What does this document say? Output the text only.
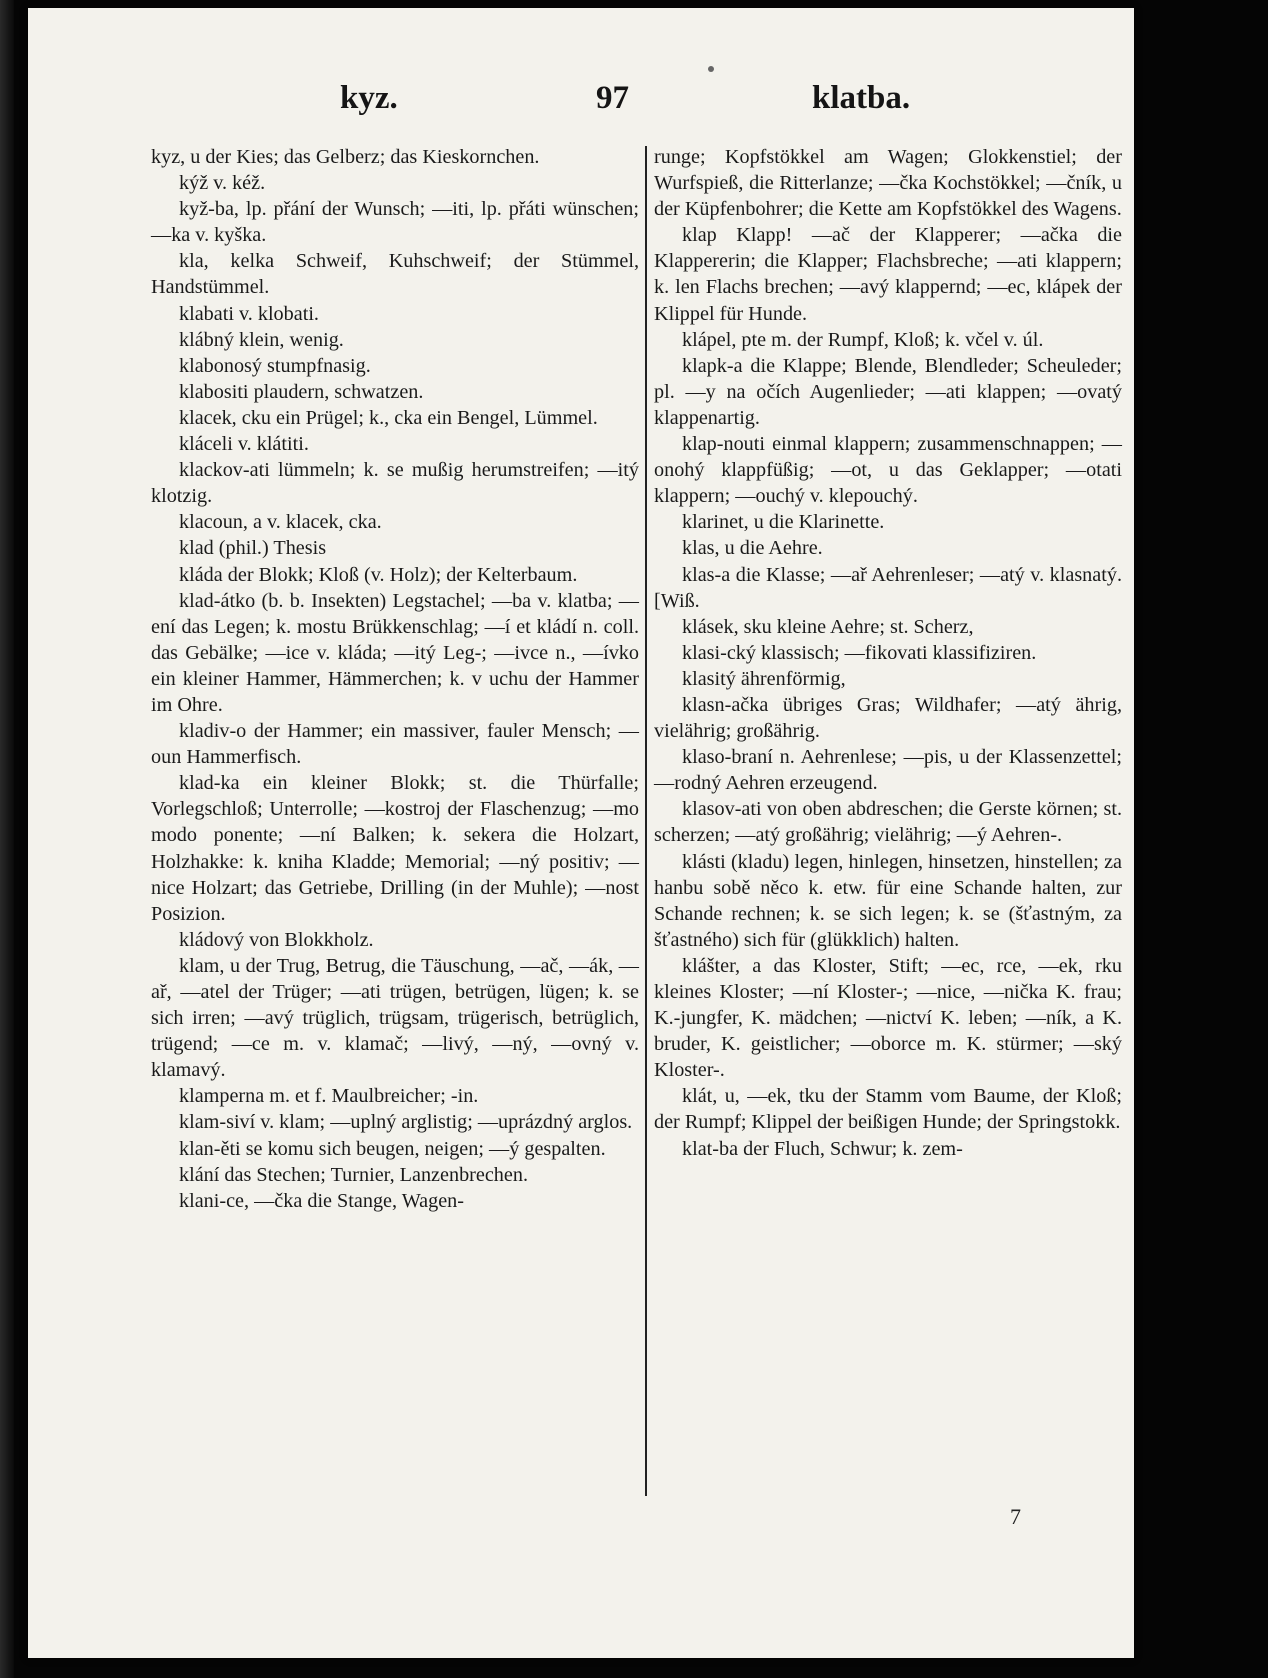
kyz.	97	klatba.

kyz, u der Kies; das Gelberz; das Kieskornchen.

kýž v. kéž.

kyž-ba, lp. přání der Wunsch; —iti, lp. přáti wünschen; —ka v. kyška.

kla, kelka Schweif, Kuhschweif; der Stümmel, Handstümmel.

klabati v. klobati.

klábný klein, wenig.

klabonosý stumpfnasig.

klabositi plaudern, schwatzen.

klacek, cku ein Prügel; k., cka ein Bengel, Lümmel.

kláceli v. klátiti.

klackov-ati lümmeln; k. se mußig herumstreifen; —itý klotzig.

klacoun, a v. klacek, cka.

klad (phil.) Thesis

kláda der Blokk; Kloß (v. Holz); der Kelterbaum.

klad-átko (b. b. Insekten) Legstachel; —ba v. klatba; —ení das Legen; k. mostu Brükkenschlag; —í et kládí n. coll. das Gebälke; —ice v. kláda; —itý Leg-; —ivce n., —ívko ein kleiner Hammer, Hämmerchen; k. v uchu der Hammer im Ohre.

kladiv-o der Hammer; ein massiver, fauler Mensch; —oun Hammerfisch.

klad-ka ein kleiner Blokk; st. die Thürfalle; Vorlegschloß; Unterrolle; —kostroj der Flaschenzug; —mo modo ponente; —ní Balken; k. sekera die Holzart, Holzhakke: k. kniha Kladde; Memorial; —ný positiv; —nice Holzart; das Getriebe, Drilling (in der Muhle); —nost Posizion.

kládový von Blokkholz.

klam, u der Trug, Betrug, die Täuschung, —ač, —ák, —ař, —atel der Trüger; —ati trügen, betrügen, lügen; k. se sich irren; —avý trüglich, trügsam, trügerisch, betrüglich, trügend; —ce m. v. klamač; —livý, —ný, —ovný v. klamavý.

klamperna m. et f. Maulbreicher; -in.

klam-siví v. klam; —uplný arglistig; —uprázdný arglos.

klan-ěti se komu sich beugen, neigen; —ý gespalten.

klání das Stechen; Turnier, Lanzenbrechen.

klani-ce, —čka die Stange, Wagen-

runge; Kopfstökkel am Wagen; Glokkenstiel; der Wurfspieß, die Ritterlanze; —čka Kochstökkel; —čník, u der Küpfenbohrer; die Kette am Kopfstökkel des Wagens.

klap Klapp! —ač der Klapperer; —ačka die Klappererin; die Klapper; Flachsbreche; —ati klappern; k. len Flachs brechen; —avý klappernd; —ec, klápek der Klippel für Hunde.

klápel, pte m. der Rumpf, Kloß; k. včel v. úl.

klapk-a die Klappe; Blende, Blendleder; Scheuleder; pl. —y na očích Augenlieder; —ati klappen; —ovatý klappenartig.

klap-nouti einmal klappern; zusammenschnappen; —onohý klappfüßig; —ot, u das Geklapper; —otati klappern; —ouchý v. klepouchý.

klarinet, u die Klarinette.

klas, u die Aehre.

klas-a die Klasse; —ař Aehrenleser; —atý v. klasnatý. [Wiß.

klásek, sku kleine Aehre; st. Scherz,

klasi-cký klassisch; —fikovati klassifiziren.

klasitý ährenförmig,

klasn-ačka übriges Gras; Wildhafer; —atý ährig, vielährig; großährig.

klaso-braní n. Aehrenlese; —pis, u der Klassenzettel; —rodný Aehren erzeugend.

klasov-ati von oben abdreschen; die Gerste körnen; st. scherzen; —atý großährig; vielährig; —ý Aehren-.

klásti (kladu) legen, hinlegen, hinsetzen, hinstellen; za hanbu sobě něco k. etw. für eine Schande halten, zur Schande rechnen; k. se sich legen; k. se (šťastným, za šťastného) sich für (glükklich) halten.

klášter, a das Kloster, Stift; —ec, rce, —ek, rku kleines Kloster; —ní Kloster-; —nice, —nička K. frau; K.-jungfer, K. mädchen; —nictví K. leben; —ník, a K. bruder, K. geistlicher; —oborce m. K. stürmer; —ský Kloster-.

klát, u, —ek, tku der Stamm vom Baume, der Kloß; der Rumpf; Klippel der beißigen Hunde; der Springstokk.

klat-ba der Fluch, Schwur; k. zem-

7
